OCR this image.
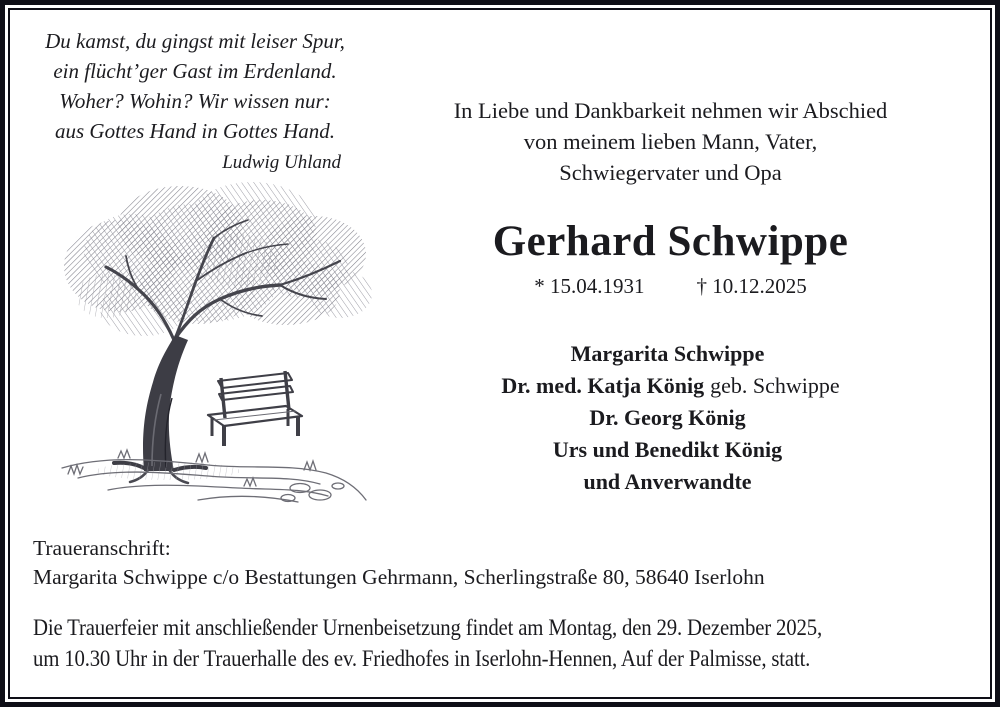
Du kamst, du gingst mit leiser Spur,
ein flücht’ger Gast im Erdenland.
Woher? Wohin? Wir wissen nur:
aus Gottes Hand in Gottes Hand.
Ludwig Uhland
In Liebe und Dankbarkeit nehmen wir Abschied
von meinem lieben Mann, Vater,
Schwiegervater und Opa
Gerhard Schwippe
* 15.04.1931 † 10.12.2025
Margarita Schwippe
Dr. med. Katja König geb. Schwippe
Dr. Georg König
Urs und Benedikt König
und Anverwandte
Traueranschrift:
Margarita Schwippe c/o Bestattungen Gehrmann, Scherlingstraße 80, 58640 Iserlohn
Die Trauerfeier mit anschließender Urnenbeisetzung findet am Montag, den 29. Dezember 2025,
um 10.30 Uhr in der Trauerhalle des ev. Friedhofes in Iserlohn-Hennen, Auf der Palmisse, statt.
